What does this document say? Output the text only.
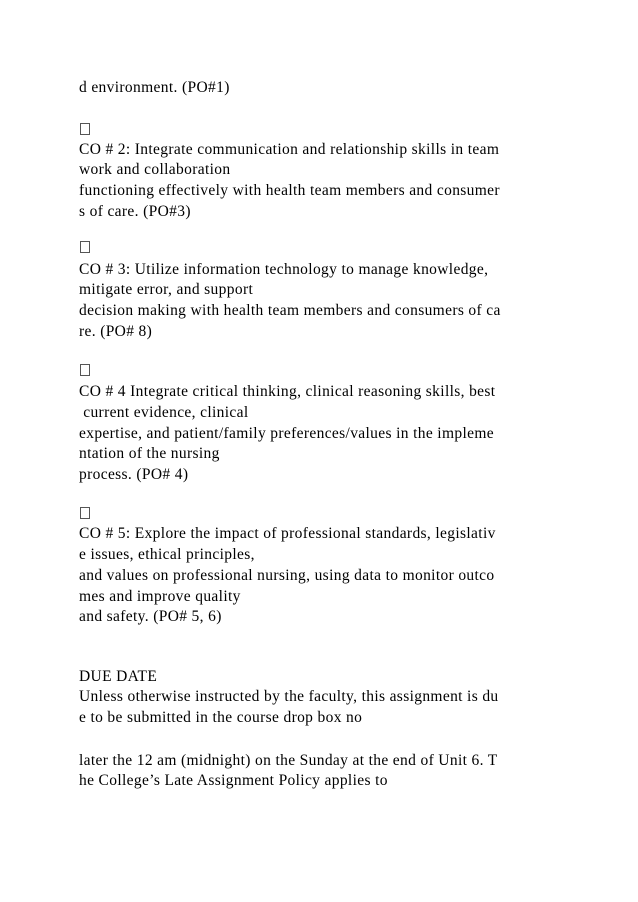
d environment. (PO#1)
CO # 2: Integrate communication and relationship skills in team
work and collaboration
functioning effectively with health team members and consumer
s of care. (PO#3)
CO # 3: Utilize information technology to manage knowledge,
mitigate error, and support
decision making with health team members and consumers of ca
re. (PO# 8)
CO # 4 Integrate critical thinking, clinical reasoning skills, best
current evidence, clinical
expertise, and patient/family preferences/values in the impleme
ntation of the nursing
process. (PO# 4)
CO # 5: Explore the impact of professional standards, legislativ
e issues, ethical principles,
and values on professional nursing, using data to monitor outco
mes and improve quality
and safety. (PO# 5, 6)
DUE DATE
Unless otherwise instructed by the faculty, this assignment is du
e to be submitted in the course drop box no
later the 12 am (midnight) on the Sunday at the end of Unit 6. T
he College’s Late Assignment Policy applies to
